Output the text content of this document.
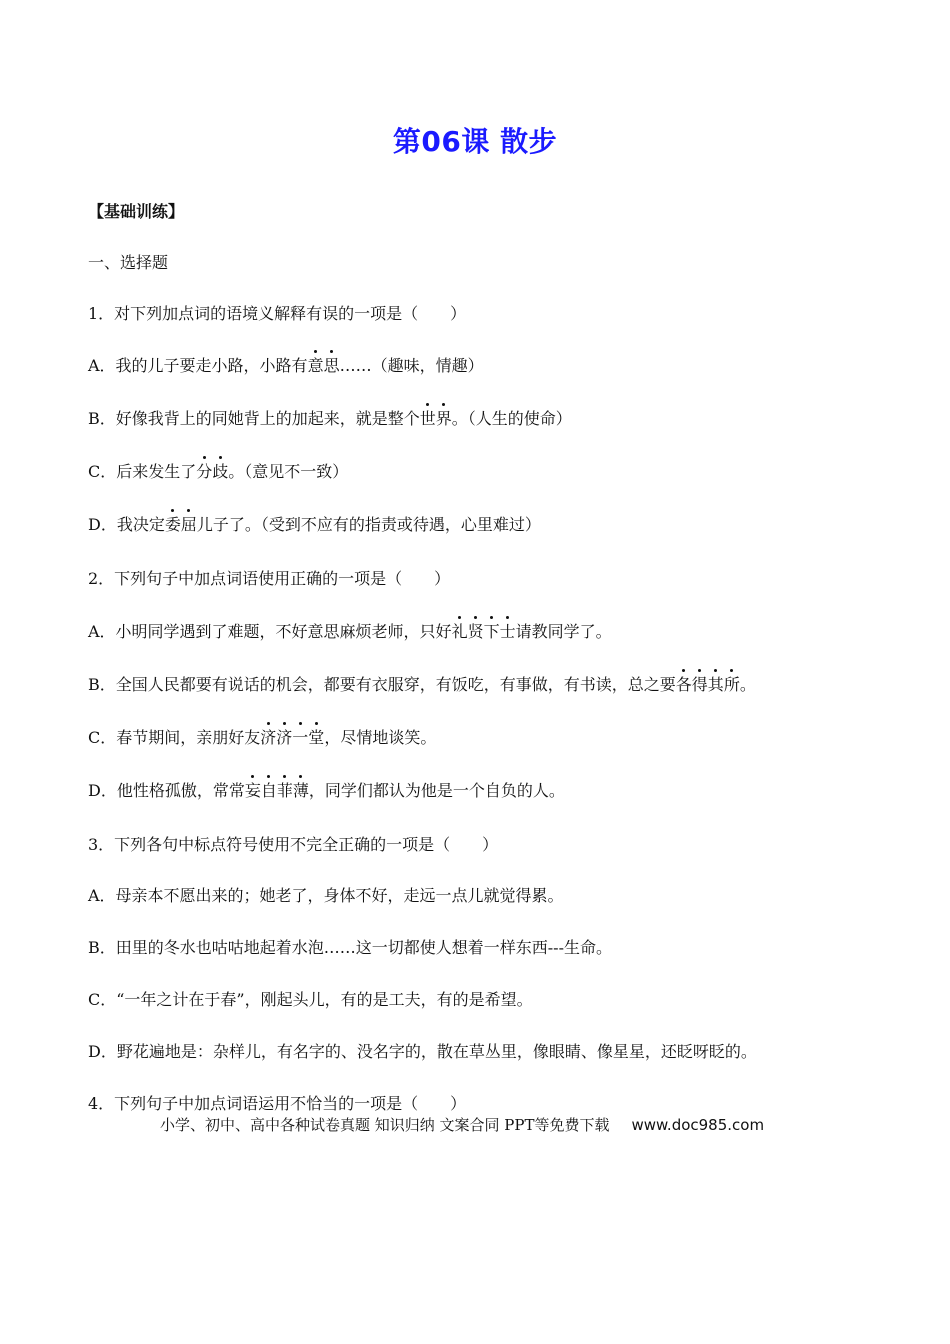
第06课 散步
【基础训练】
一、选择题
1．对下列加点词的语境义解释有误的一项是（　　）
A．我的儿子要走小路，小路有意思……（趣味，情趣）
B．好像我背上的同她背上的加起来，就是整个世界。（人生的使命）
C．后来发生了分歧。（意见不一致）
D．我决定委屈儿子了。（受到不应有的指责或待遇，心里难过）
2．下列句子中加点词语使用正确的一项是（　　）
A．小明同学遇到了难题，不好意思麻烦老师，只好礼贤下士请教同学了。
B．全国人民都要有说话的机会，都要有衣服穿，有饭吃，有事做，有书读，总之要各得其所。
C．春节期间，亲朋好友济济一堂，尽情地谈笑。
D．他性格孤傲，常常妄自菲薄，同学们都认为他是一个自负的人。
3．下列各句中标点符号使用不完全正确的一项是（　　）
A．母亲本不愿出来的；她老了，身体不好，走远一点儿就觉得累。
B．田里的冬水也咕咕地起着水泡……这一切都使人想着一样东西---生命。
C．“一年之计在于春”，刚起头儿，有的是工夫，有的是希望。
D．野花遍地是：杂样儿，有名字的、没名字的，散在草丛里，像眼睛、像星星，还眨呀眨的。
4．下列句子中加点词语运用不恰当的一项是（　　）
小学、初中、高中各种试卷真题 知识归纳 文案合同 PPT等免费下载 www.doc985.com
